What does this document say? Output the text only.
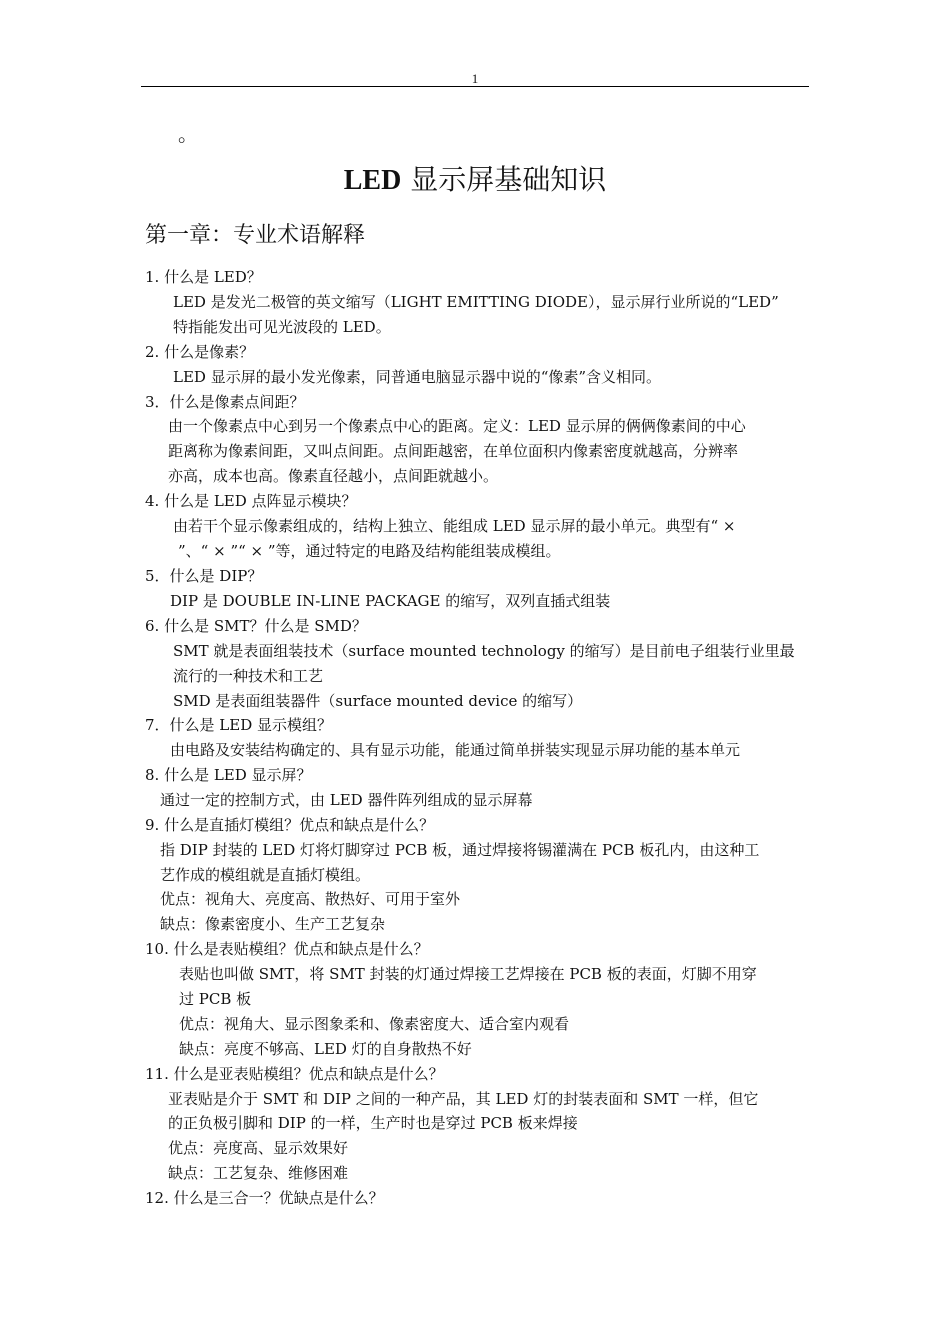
1
。
LED 显示屏基础知识
第一章：专业术语解释
1. 什么是 LED？
LED 是发光二极管的英文缩写（LIGHT EMITTING DIODE），显示屏行业所说的“LED”
特指能发出可见光波段的 LED。
2. 什么是像素？
LED 显示屏的最小发光像素，同普通电脑显示器中说的“像素”含义相同。
3．什么是像素点间距？
由一个像素点中心到另一个像素点中心的距离。定义：LED 显示屏的俩俩像素间的中心
距离称为像素间距，又叫点间距。点间距越密，在单位面积内像素密度就越高，分辨率
亦高，成本也高。像素直径越小，点间距就越小。
4. 什么是 LED 点阵显示模块？
由若干个显示像素组成的，结构上独立、能组成 LED 显示屏的最小单元。典型有“ ×
”、“ × ”“ × ”等，通过特定的电路及结构能组装成模组。
5．什么是 DIP？
DIP 是 DOUBLE IN-LINE PACKAGE 的缩写，双列直插式组装
6. 什么是 SMT？什么是 SMD？
SMT 就是表面组装技术（surface mounted technology 的缩写）是目前电子组装行业里最
流行的一种技术和工艺
SMD 是表面组装器件（surface mounted device 的缩写）
7．什么是 LED 显示模组？
由电路及安装结构确定的、具有显示功能，能通过简单拼装实现显示屏功能的基本单元
8. 什么是 LED 显示屏？
通过一定的控制方式，由 LED 器件阵列组成的显示屏幕
9. 什么是直插灯模组？优点和缺点是什么？
指 DIP 封装的 LED 灯将灯脚穿过 PCB 板，通过焊接将锡灌满在 PCB 板孔内，由这种工
艺作成的模组就是直插灯模组。
优点：视角大、亮度高、散热好、可用于室外
缺点：像素密度小、生产工艺复杂
10. 什么是表贴模组？优点和缺点是什么？
表贴也叫做 SMT，将 SMT 封装的灯通过焊接工艺焊接在 PCB 板的表面，灯脚不用穿
过 PCB 板
优点：视角大、显示图象柔和、像素密度大、适合室内观看
缺点：亮度不够高、LED 灯的自身散热不好
11. 什么是亚表贴模组？优点和缺点是什么？
亚表贴是介于 SMT 和 DIP 之间的一种产品，其 LED 灯的封装表面和 SMT 一样，但它
的正负极引脚和 DIP 的一样，生产时也是穿过 PCB 板来焊接
优点：亮度高、显示效果好
缺点：工艺复杂、维修困难
12. 什么是三合一？优缺点是什么？
